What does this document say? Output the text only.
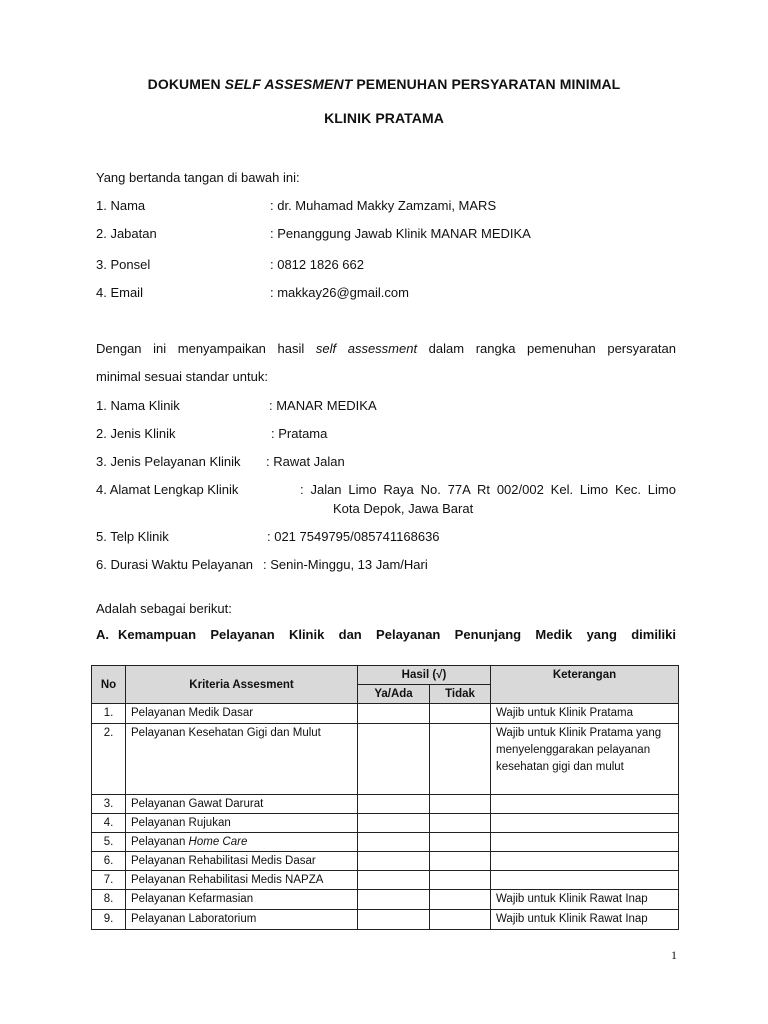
DOKUMEN SELF ASSESMENT PEMENUHAN PERSYARATAN MINIMAL
KLINIK PRATAMA
Yang bertanda tangan di bawah ini:
1. Nama	: dr. Muhamad Makky Zamzami, MARS
2. Jabatan	: Penanggung Jawab Klinik MANAR MEDIKA
3. Ponsel	: 0812 1826 662
4. Email	: makkay26@gmail.com
Dengan ini menyampaikan hasil self assessment dalam rangka pemenuhan persyaratan
minimal sesuai standar untuk:
1. Nama Klinik	: MANAR MEDIKA
2. Jenis Klinik	: Pratama
3. Jenis Pelayanan Klinik : Rawat Jalan
4. Alamat Lengkap Klinik	: Jalan Limo Raya No. 77A Rt 002/002 Kel. Limo Kec. Limo
Kota Depok, Jawa Barat
5. Telp Klinik	: 021 7549795/085741168636
6. Durasi Waktu Pelayanan : Senin-Minggu, 13 Jam/Hari
Adalah sebagai berikut:
A. Kemampuan Pelayanan Klinik dan Pelayanan Penunjang Medik yang dimiliki
No	Kriteria Assesment	Hasil (√)		Keterangan
		Ya/Ada	Tidak	
1.	Pelayanan Medik Dasar			Wajib untuk Klinik Pratama
2.	Pelayanan Kesehatan Gigi dan Mulut			Wajib untuk Klinik Pratama yang menyelenggarakan pelayanan kesehatan gigi dan mulut
3.	Pelayanan Gawat Darurat			
4.	Pelayanan Rujukan			
5.	Pelayanan Home Care			
6.	Pelayanan Rehabilitasi Medis Dasar			
7.	Pelayanan Rehabilitasi Medis NAPZA			
8.	Pelayanan Kefarmasian			Wajib untuk Klinik Rawat Inap
9.	Pelayanan Laboratorium			Wajib untuk Klinik Rawat Inap
1
